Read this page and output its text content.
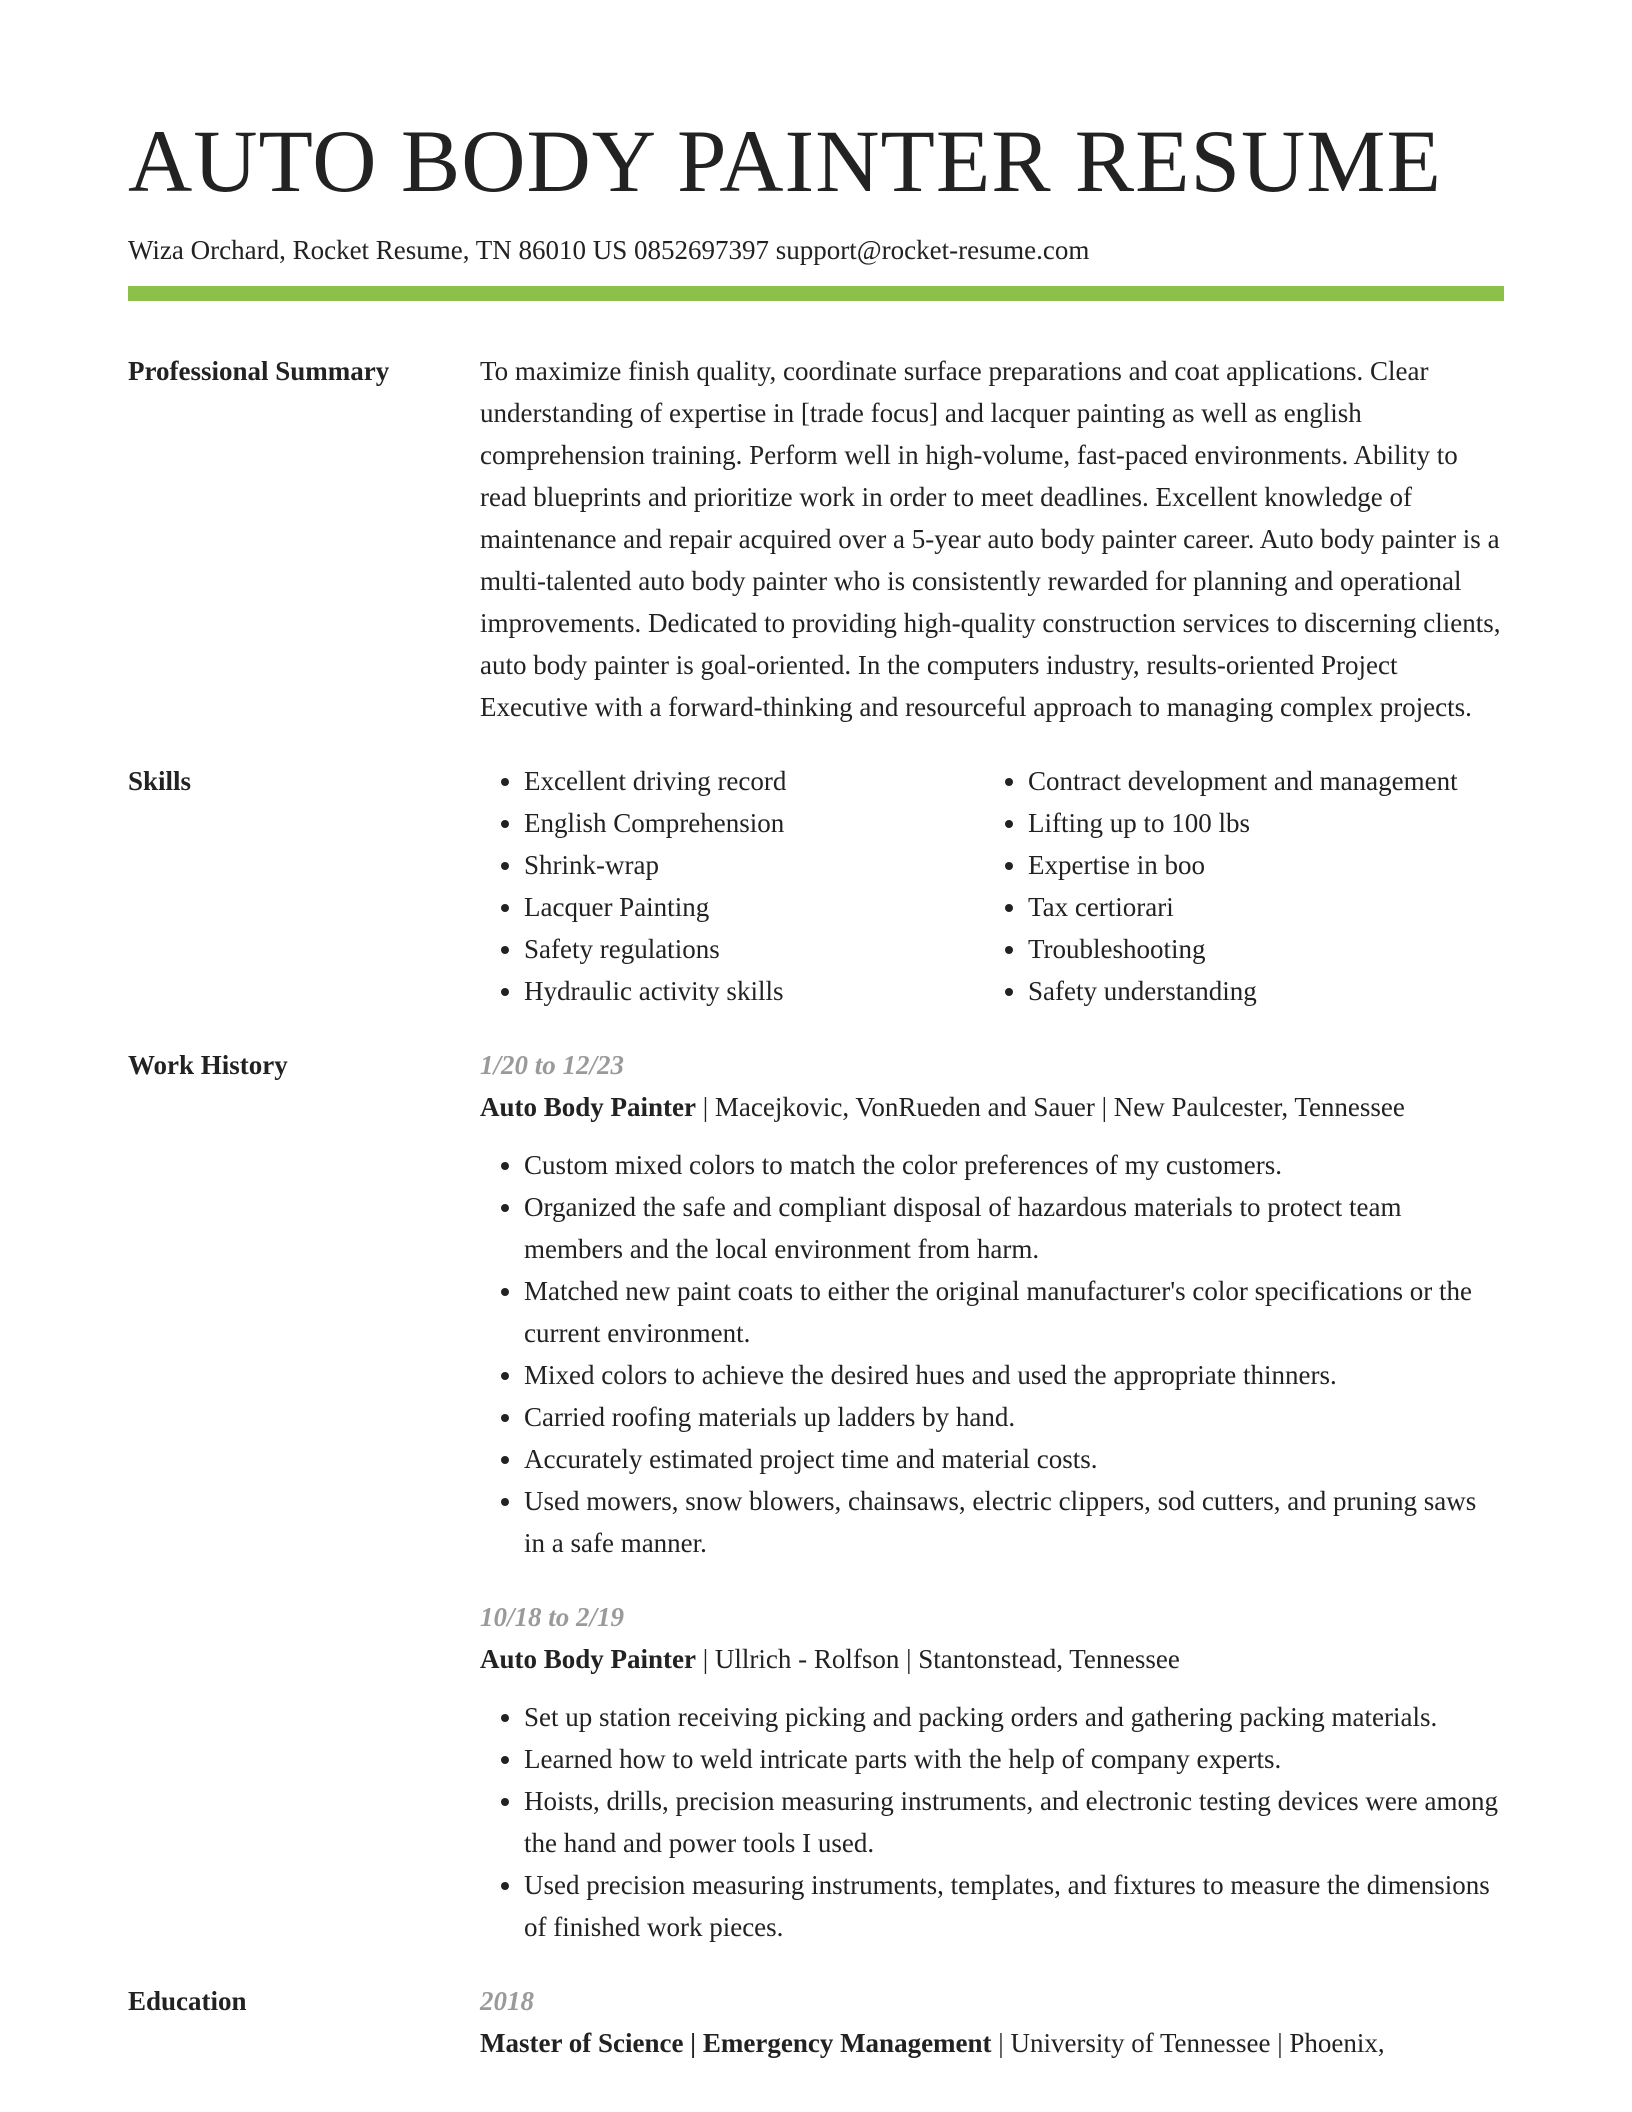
AUTO BODY PAINTER RESUME
Wiza Orchard, Rocket Resume, TN 86010 US 0852697397 support@rocket-resume.com
Professional Summary	To maximize finish quality, coordinate surface preparations and coat applications. Clear understanding of expertise in [trade focus] and lacquer painting as well as english comprehension training. Perform well in high-volume, fast-paced environments. Ability to read blueprints and prioritize work in order to meet deadlines. Excellent knowledge of maintenance and repair acquired over a 5-year auto body painter career. Auto body painter is a multi-talented auto body painter who is consistently rewarded for planning and operational improvements. Dedicated to providing high-quality construction services to discerning clients, auto body painter is goal-oriented. In the computers industry, results-oriented Project Executive with a forward-thinking and resourceful approach to managing complex projects.

Skills
•	Excellent driving record
• English Comprehension
• Shrink-wrap
• Lacquer Painting
• Safety regulations
• Hydraulic activity skills
• Contract development and management
• Lifting up to 100 lbs
• Expertise in boo
• Tax certiorari
• Troubleshooting
• Safety understanding
Work History	1/20 to 12/23
Auto Body Painter | Macejkovic, VonRueden and Sauer | New Paulcester, Tennessee
• Custom mixed colors to match the color preferences of my customers.
• Organized the safe and compliant disposal of hazardous materials to protect team members and the local environment from harm.
• Matched new paint coats to either the original manufacturer's color specifications or the current environment.
• Mixed colors to achieve the desired hues and used the appropriate thinners.
• Carried roofing materials up ladders by hand.
• Accurately estimated project time and material costs.
• Used mowers, snow blowers, chainsaws, electric clippers, sod cutters, and pruning saws in a safe manner.
10/18 to 2/19
Auto Body Painter | Ullrich - Rolfson | Stantonstead, Tennessee
• Set up station receiving picking and packing orders and gathering packing materials.
• Learned how to weld intricate parts with the help of company experts.
• Hoists, drills, precision measuring instruments, and electronic testing devices were among the hand and power tools I used.
• Used precision measuring instruments, templates, and fixtures to measure the dimensions of finished work pieces.
Education	2018
Master of Science | Emergency Management | University of Tennessee | Phoenix,
